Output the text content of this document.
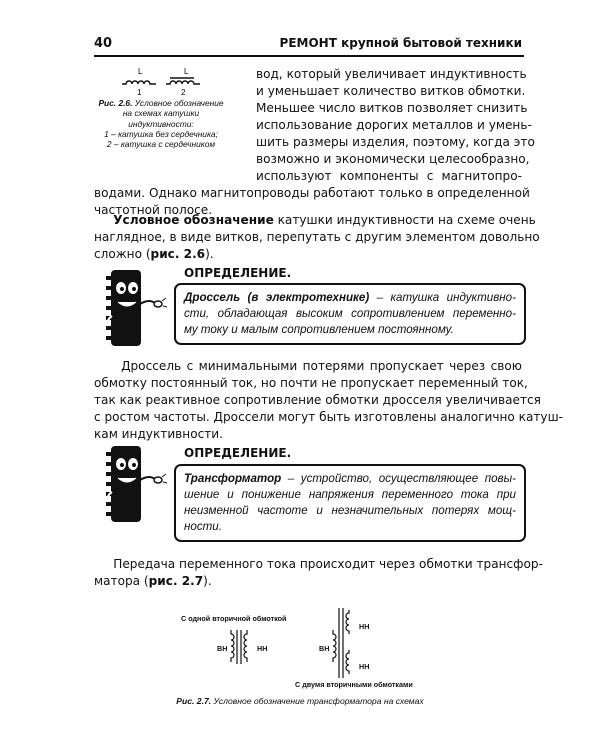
40	РЕМОНТ крупной бытовой техники
L	L
1	2
Рис. 2.6. Условное обозначение
на схемах катушки
индуктивности:
1 – катушка без сердечника;
2 – катушка с сердечником
вод, который увеличивает индуктивность
и уменьшает количество витков обмотки.
Меньшее число витков позволяет снизить
использование дорогих металлов и умень-
шить размеры изделия, поэтому, когда это
возможно и экономически целесообразно,
используют компоненты с магнитопро-
водами. Однако магнитопроводы работают только в определенной
частотной полосе.
Условное обозначение катушки индуктивности на схеме очень
наглядное, в виде витков, перепутать с другим элементом довольно
сложно (рис. 2.6).
ОПРЕДЕЛЕНИЕ.
Дроссель (в электротехнике) – катушка индуктивно-
сти, обладающая высоким сопротивлением переменно-
му току и малым сопротивлением постоянному.
Дроссель с минимальными потерями пропускает через свою
обмотку постоянный ток, но почти не пропускает переменный ток,
так как реактивное сопротивление обмотки дросселя увеличивается
с ростом частоты. Дроссели могут быть изготовлены аналогично катуш-
кам индуктивности.
ОПРЕДЕЛЕНИЕ.
Трансформатор – устройство, осуществляющее повы-
шение и понижение напряжения переменного тока при
неизменной частоте и незначительных потерях мощ-
ности.
Передача переменного тока происходит через обмотки трансфор-
матора (рис. 2.7).
С одной вторичной обмоткой
С двумя вторичными обмотками
ВН	НН	ВН
НН
НН
Рис. 2.7. Условное обозначение трансформатора на схемах
